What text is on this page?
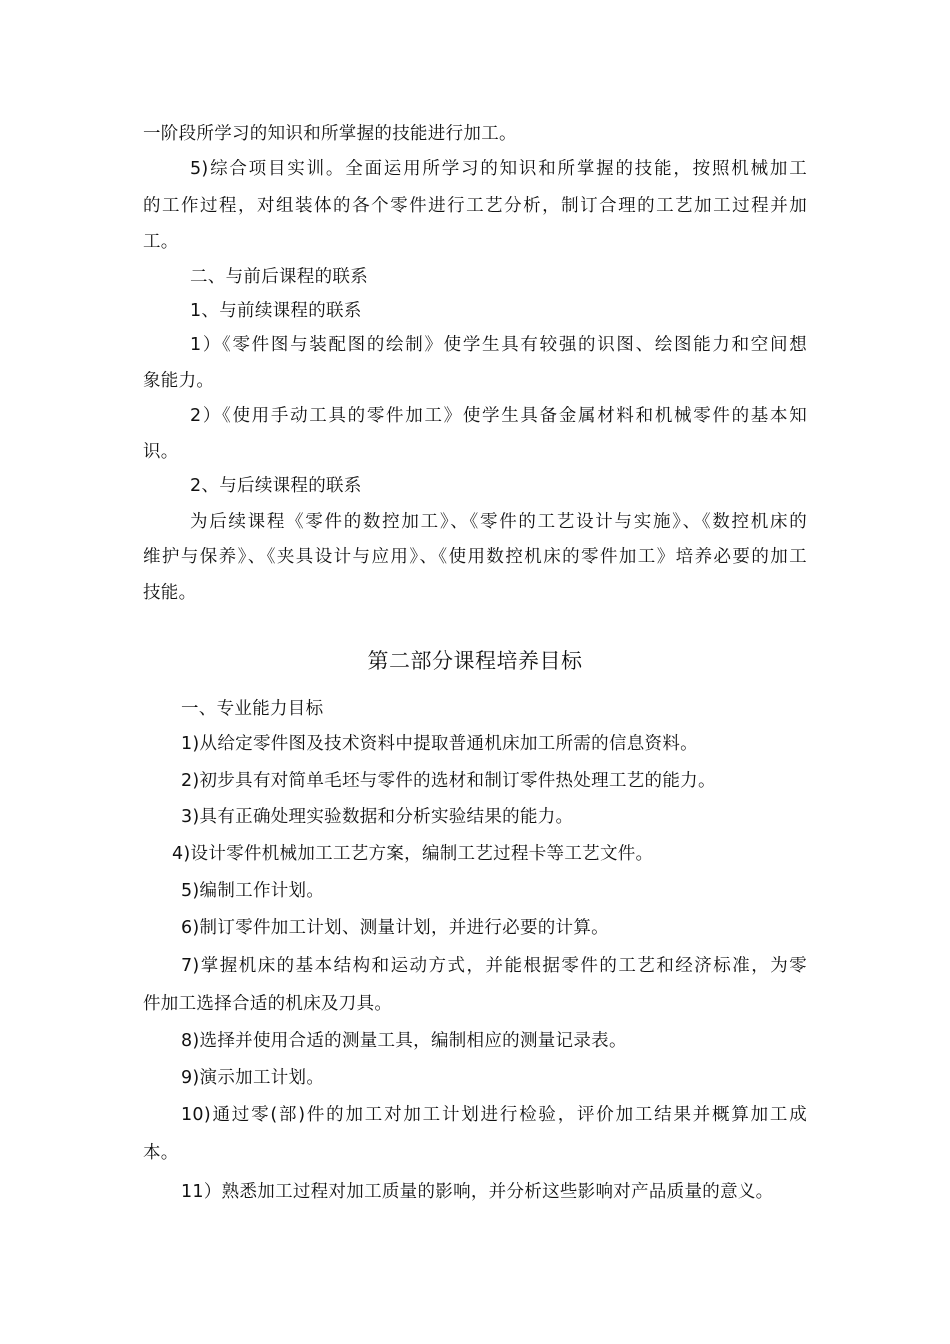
一阶段所学习的知识和所掌握的技能进行加工。
5)综合项目实训。全面运用所学习的知识和所掌握的技能，按照机械加工
的工作过程，对组装体的各个零件进行工艺分析，制订合理的工艺加工过程并加
工。
二、与前后课程的联系
1、与前续课程的联系
1）《零件图与装配图的绘制》使学生具有较强的识图、绘图能力和空间想
象能力。
2）《使用手动工具的零件加工》使学生具备金属材料和机械零件的基本知
识。
2、与后续课程的联系
为后续课程《零件的数控加工》、《零件的工艺设计与实施》、《数控机床的
维护与保养》、《夹具设计与应用》、《使用数控机床的零件加工》培养必要的加工
技能。
第二部分课程培养目标
一、专业能力目标
1)从给定零件图及技术资料中提取普通机床加工所需的信息资料。
2)初步具有对简单毛坯与零件的选材和制订零件热处理工艺的能力。
3)具有正确处理实验数据和分析实验结果的能力。
4)设计零件机械加工工艺方案，编制工艺过程卡等工艺文件。
5)编制工作计划。
6)制订零件加工计划、测量计划，并进行必要的计算。
7)掌握机床的基本结构和运动方式，并能根据零件的工艺和经济标准，为零
件加工选择合适的机床及刀具。
8)选择并使用合适的测量工具，编制相应的测量记录表。
9)演示加工计划。
10)通过零(部)件的加工对加工计划进行检验，评价加工结果并概算加工成
本。
11）熟悉加工过程对加工质量的影响，并分析这些影响对产品质量的意义。
